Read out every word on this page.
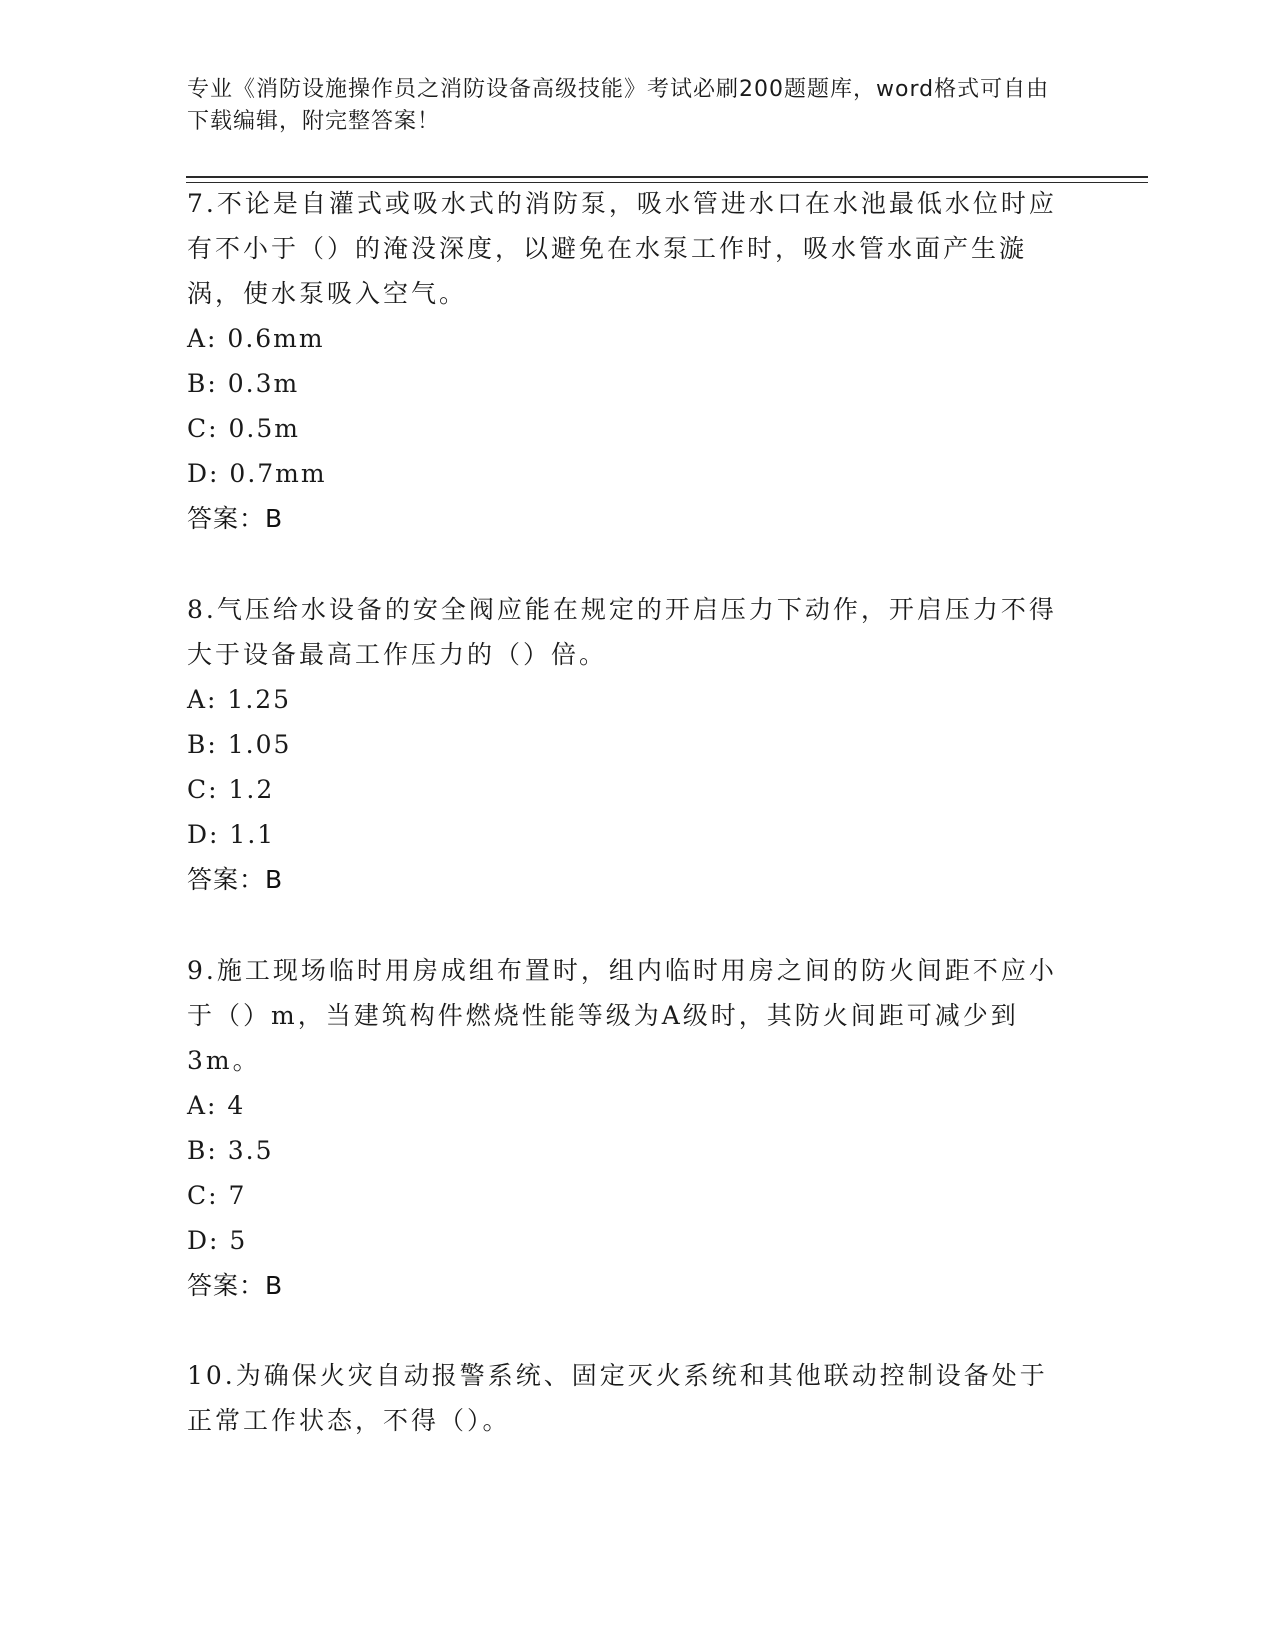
专业《消防设施操作员之消防设备高级技能》考试必刷200题题库，word格式可自由下载编辑，附完整答案！

7.不论是自灌式或吸水式的消防泵，吸水管进水口在水池最低水位时应有不小于（）的淹没深度，以避免在水泵工作时，吸水管水面产生漩涡，使水泵吸入空气。

A: 0.6mm

B: 0.3m

C: 0.5m

D: 0.7mm

答案：B

8.气压给水设备的安全阀应能在规定的开启压力下动作，开启压力不得大于设备最高工作压力的（）倍。

A: 1.25

B: 1.05

C: 1.2

D: 1.1

答案：B

9.施工现场临时用房成组布置时，组内临时用房之间的防火间距不应小于（）m，当建筑构件燃烧性能等级为A级时，其防火间距可减少到3m。

A: 4

B: 3.5

C: 7

D: 5

答案：B

10.为确保火灾自动报警系统、固定灭火系统和其他联动控制设备处于正常工作状态，不得（）。
